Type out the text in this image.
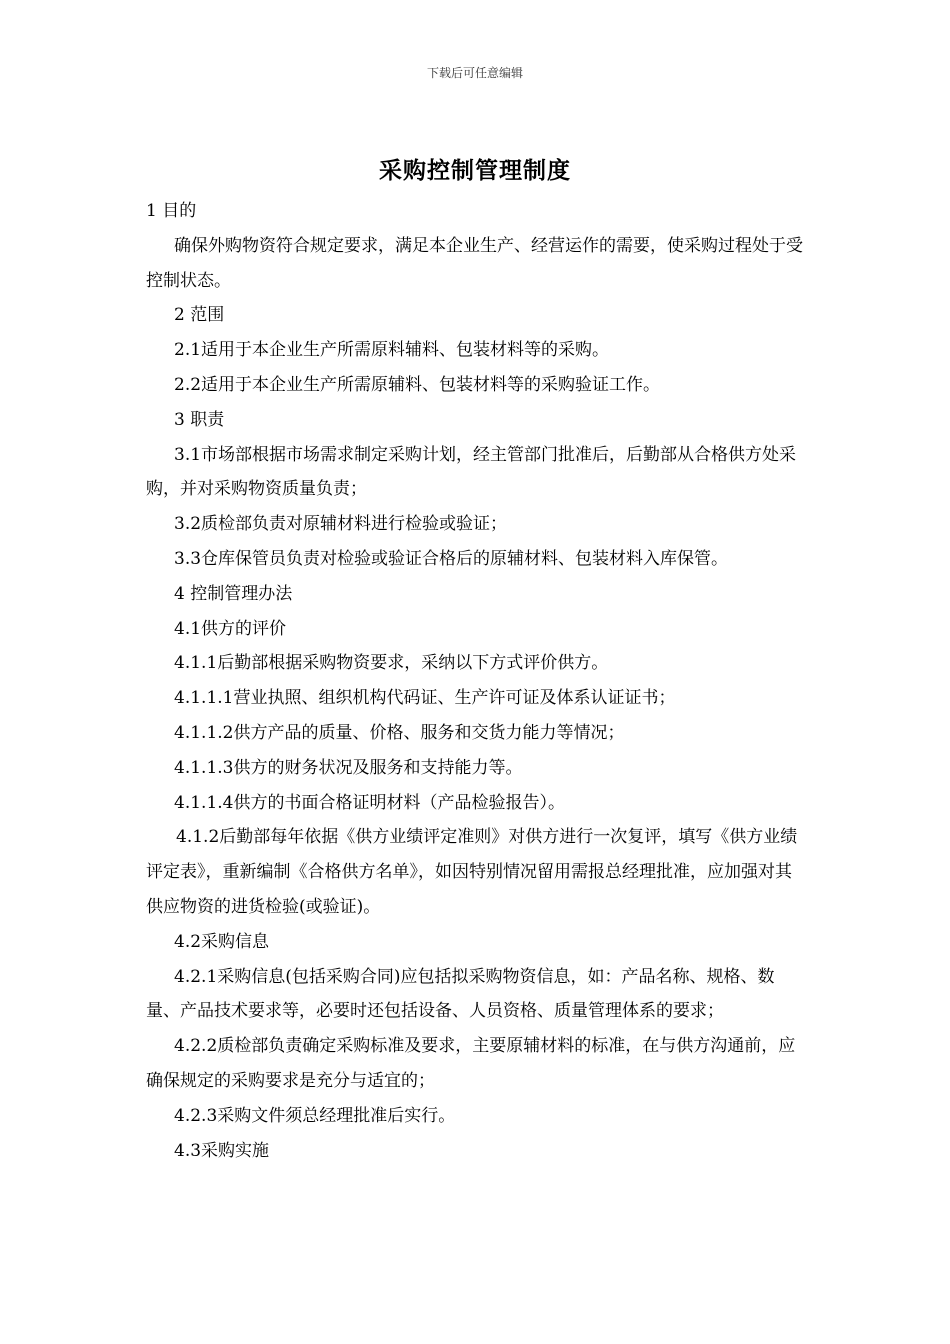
下载后可任意编辑
采购控制管理制度

1 目的

确保外购物资符合规定要求，满足本企业生产、经营运作的需要，使采购过程处于受控制状态。

2 范围

2.1适用于本企业生产所需原料辅料、包装材料等的采购。

2.2适用于本企业生产所需原辅料、包装材料等的采购验证工作。

3 职责

3.1市场部根据市场需求制定采购计划，经主管部门批准后，后勤部从合格供方处采购，并对采购物资质量负责；

3.2质检部负责对原辅材料进行检验或验证；

3.3仓库保管员负责对检验或验证合格后的原辅材料、包装材料入库保管。

4 控制管理办法

4.1供方的评价

4.1.1后勤部根据采购物资要求，采纳以下方式评价供方。

4.1.1.1营业执照、组织机构代码证、生产许可证及体系认证证书；

4.1.1.2供方产品的质量、价格、服务和交货力能力等情况；

4.1.1.3供方的财务状况及服务和支持能力等。

4.1.1.4供方的书面合格证明材料（产品检验报告）。

4.1.2后勤部每年依据《供方业绩评定准则》对供方进行一次复评，填写《供方业绩评定表》，重新编制《合格供方名单》，如因特别情况留用需报总经理批准，应加强对其供应物资的进货检验(或验证)。

4.2采购信息

4.2.1采购信息(包括采购合同)应包括拟采购物资信息，如：产品名称、规格、数量、产品技术要求等，必要时还包括设备、人员资格、质量管理体系的要求；

4.2.2质检部负责确定采购标准及要求，主要原辅材料的标准，在与供方沟通前，应确保规定的采购要求是充分与适宜的；

4.2.3采购文件须总经理批准后实行。

4.3采购实施
